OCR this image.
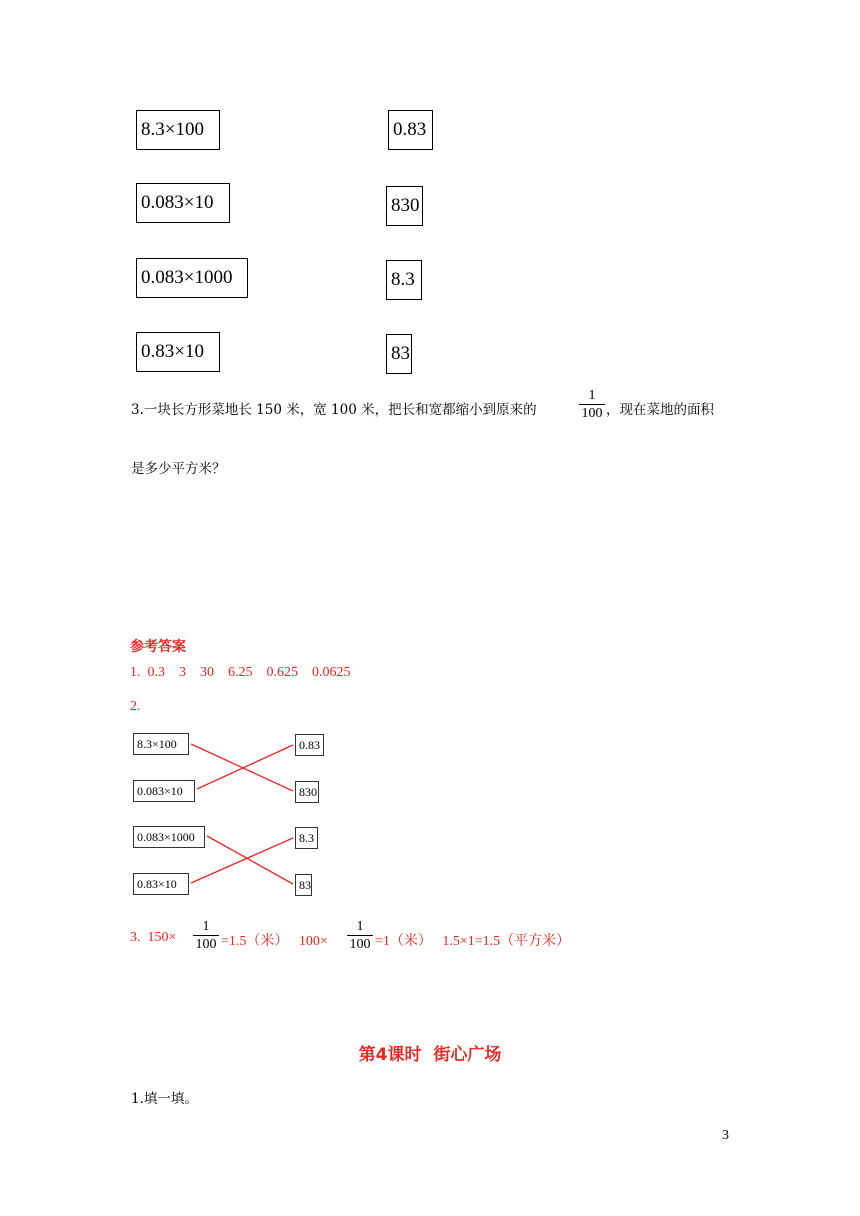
8.3×100
0.083×10
0.083×1000
0.83×10
0.83
830
8.3
83
3.一块长方形菜地长 150 米，宽 100 米，把长和宽都缩小到原来的
1
100 ，现在菜地的面积
是多少平方米？
参考答案
1.  0.3    3    30    6.25    0.625    0.0625
2.
8.3×100
0.083×10
0.083×1000
0.83×10
0.83
830
8.3
83
3.  150×
1
100 =1.5（米）   100×
1
100 =1（米）   1.5×1=1.5（平方米）
第4课时  街心广场
1.填一填。
3
